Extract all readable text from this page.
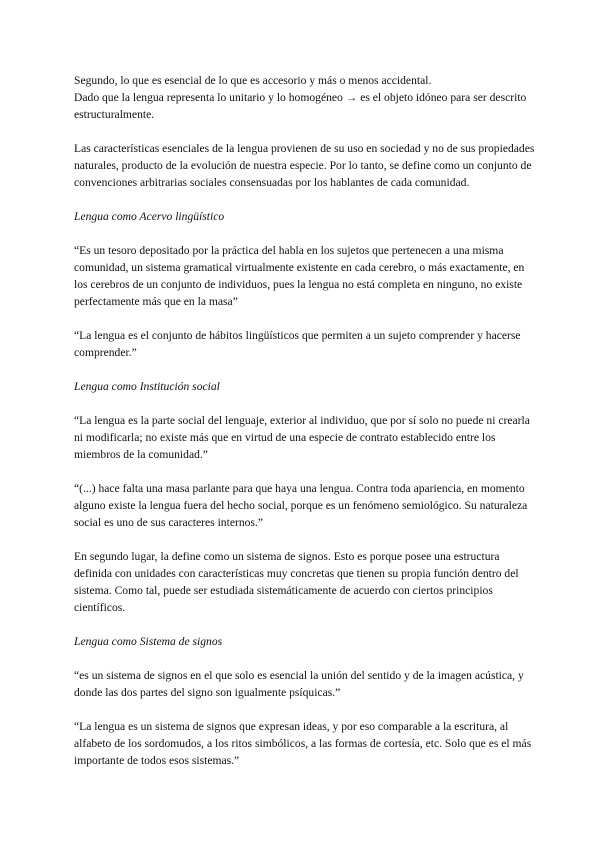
Segundo, lo que es esencial de lo que es accesorio y más o menos accidental.

Dado que la lengua representa lo unitario y lo homogéneo → es el objeto idóneo para ser descrito estructuralmente.

Las características esenciales de la lengua provienen de su uso en sociedad y no de sus propiedades naturales, producto de la evolución de nuestra especie. Por lo tanto, se define como un conjunto de convenciones arbitrarias sociales consensuadas por los hablantes de cada comunidad.

Lengua como Acervo lingüístico

“Es un tesoro depositado por la práctica del habla en los sujetos que pertenecen a una misma comunidad, un sistema gramatical virtualmente existente en cada cerebro, o más exactamente, en los cerebros de un conjunto de individuos, pues la lengua no está completa en ninguno, no existe perfectamente más que en la masa”

“La lengua es el conjunto de hábitos lingüísticos que permiten a un sujeto comprender y hacerse comprender.”

Lengua como Institución social

“La lengua es la parte social del lenguaje, exterior al individuo, que por sí solo no puede ni crearla ni modificarla; no existe más que en virtud de una especie de contrato establecido entre los miembros de la comunidad.”

“(...) hace falta una masa parlante para que haya una lengua. Contra toda apariencia, en momento alguno existe la lengua fuera del hecho social, porque es un fenómeno semiológico. Su naturaleza social es uno de sus caracteres internos.”

En segundo lugar, la define como un sistema de signos. Esto es porque posee una estructura definida con unidades con características muy concretas que tienen su propia función dentro del sistema. Como tal, puede ser estudiada sistemáticamente de acuerdo con ciertos principios científicos.

Lengua como Sistema de signos

“es un sistema de signos en el que solo es esencial la unión del sentido y de la imagen acústica, y donde las dos partes del signo son igualmente psíquicas.”

“La lengua es un sistema de signos que expresan ideas, y por eso comparable a la escritura, al alfabeto de los sordomudos, a los ritos simbólicos, a las formas de cortesía, etc. Solo que es el más importante de todos esos sistemas.”
